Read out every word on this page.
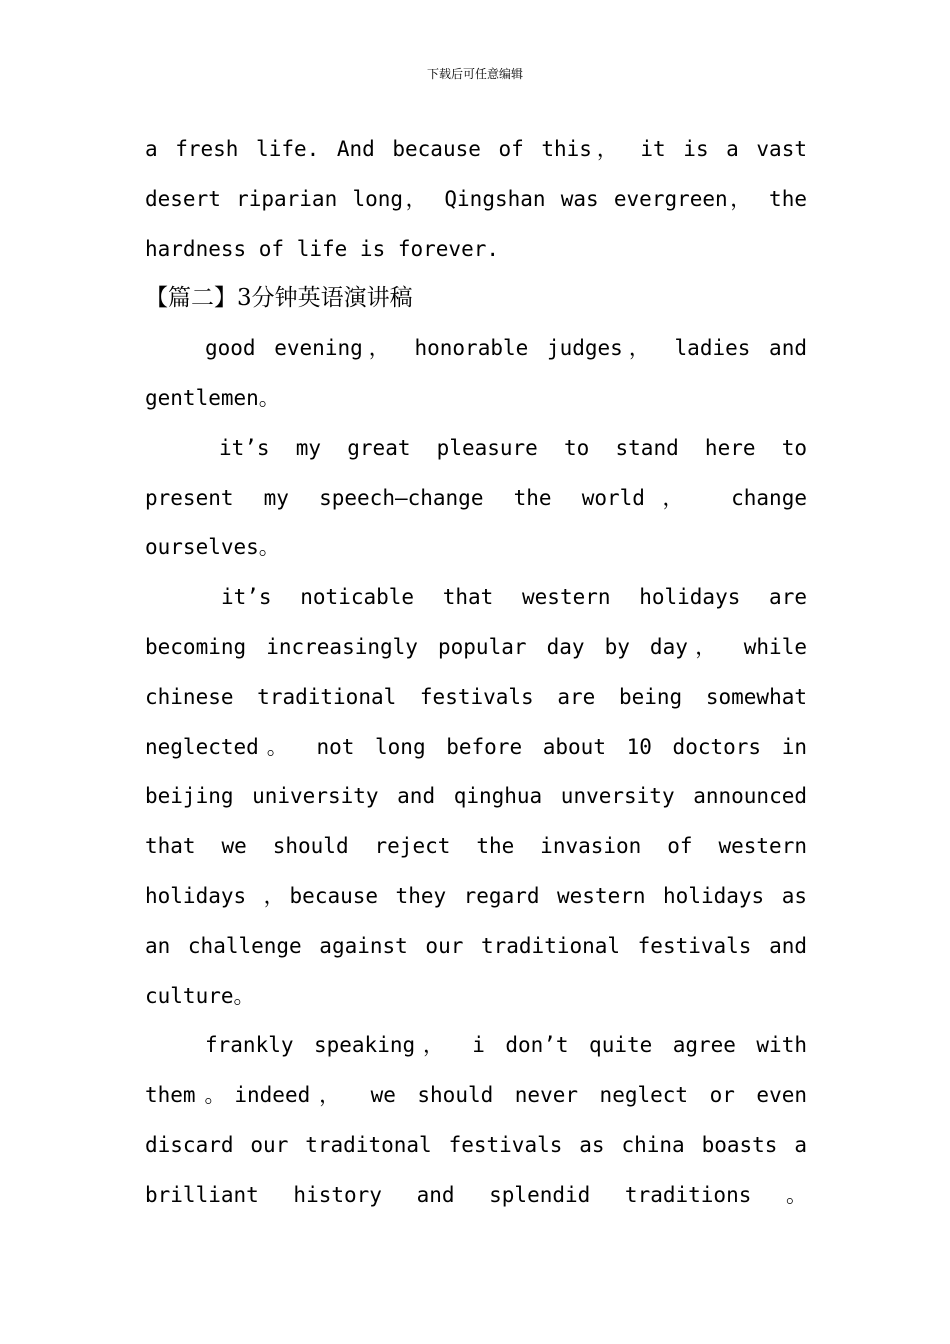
下载后可任意编辑
a fresh life. And because of this， it is a vast
desert riparian long， Qingshan was evergreen， the
hardness of life is forever.
【篇二】3分钟英语演讲稿
good evening， honorable judges， ladies and
gentlemen。
it’s my great pleasure to stand here to
present my speech—change the world， change
ourselves。
it’s noticable that western holidays are
becoming increasingly popular day by day， while
chinese traditional festivals are being somewhat
neglected。 not long before about 10 doctors in
beijing university and qinghua unversity announced
that we should reject the invasion of western
holidays ，because they regard western holidays as
an challenge against our traditional festivals and
culture。
frankly speaking， i don’t quite agree with
them。indeed， we should never neglect or even
discard our traditonal festivals as china boasts a
brilliant history and splendid traditions 。
